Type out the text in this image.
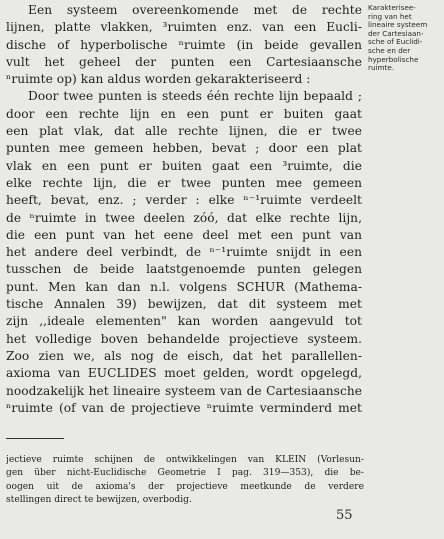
Een systeem overeenkomende met de rechte
lijnen, platte vlakken, ³ruimten enz. van een Eucli-
dische of hyperbolische ⁿruimte (in beide gevallen
vult het geheel der punten een Cartesiaansche
ⁿruimte op) kan aldus worden gekarakteriseerd :
Door twee punten is steeds één rechte lijn bepaald ;
door een rechte lijn en een punt er buiten gaat
een plat vlak, dat alle rechte lijnen, die er twee
punten mee gemeen hebben, bevat ; door een plat
vlak en een punt er buiten gaat een ³ruimte, die
elke rechte lijn, die er twee punten mee gemeen
heeft, bevat, enz. ; verder : elke ⁿ⁻¹ruimte verdeelt
de ⁿruimte in twee deelen zóó, dat elke rechte lijn,
die een punt van het eene deel met een punt van
het andere deel verbindt, de ⁿ⁻¹ruimte snijdt in een
tusschen de beide laatstgenoemde punten gelegen
punt. Men kan dan n.l. volgens SCHUR (Mathema-
tische Annalen 39) bewijzen, dat dit systeem met
zijn ,,ideale elementen" kan worden aangevuld tot
het volledige boven behandelde projectieve systeem.
Zoo zien we, als nog de eisch, dat het parallellen-
axioma van EUCLIDES moet gelden, wordt opgelegd,
noodzakelijk het lineaire systeem van de Cartesiaansche
ⁿruimte (of van de projectieve ⁿruimte verminderd met
Karakterisee-
ring van het
lineaire systeem
der Cartesiaan-
sche of Euclidi-
sche en der
hyperbolische
ruimte.
jectieve ruimte schijnen de ontwikkelingen van KLEIN (Vorlesun-
gen über nicht-Euclidische Geometrie I pag. 319—353), die be-
oogen uit de axioma's der projectieve meetkunde de verdere
stellingen direct te bewijzen, overbodig.
55
